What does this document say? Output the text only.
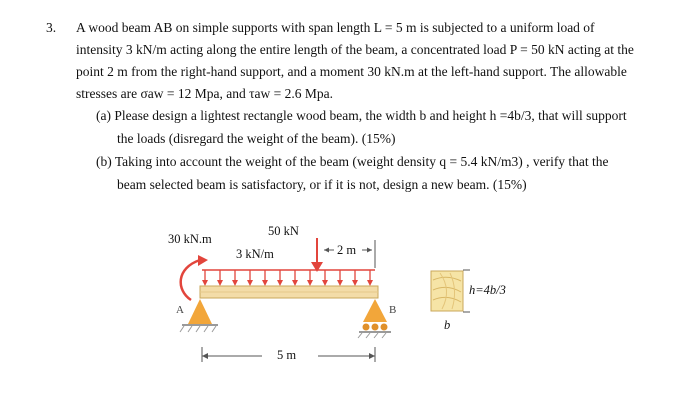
3. A wood beam AB on simple supports with span length L = 5 m is subjected to a uniform load of
intensity 3 kN/m acting along the entire length of the beam, a concentrated load P = 50 kN acting at the
point 2 m from the right-hand support, and a moment 30 kN.m at the left-hand support. The allowable
stresses are σaw = 12 Mpa, and τaw = 2.6 Mpa.
(a) Please design a lightest rectangle wood beam, the width b and height h =4b/3, that will support
the loads (disregard the weight of the beam). (15%)
(b) Taking into account the weight of the beam (weight density q = 5.4 kN/m3) , verify that the
beam selected beam is satisfactory, or if it is not, design a new beam. (15%)
30 kN.m
50 kN
3 kN/m	2 m
A	B
5 m
h=4b/3
b
